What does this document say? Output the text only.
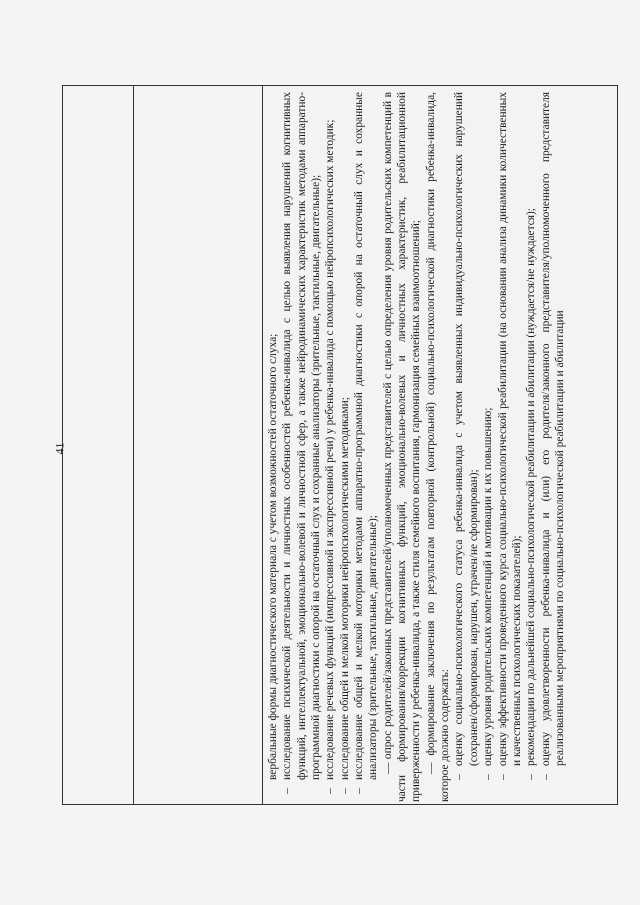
41	вербальные формы диагностического материала с учетом возможностей остаточного слуха;
–
исследование психической деятельности и личностных особенностей ребенка-инвалида с целью выявления нарушений когнитивных функций, интеллектуальной, эмоционально-волевой и личностной сфер, а также нейродинамических характеристик методами аппаратно-программной диагностики с опорой на остаточный слух и сохранные анализаторы (зрительные, тактильные, двигательные);
–
исследование речевых функций (импрессивной и экспрессивной речи) у ребенка-инвалида с помощью нейропсихологических методик;
–
исследование общей и мелкой моторики нейропсихологическими методиками;
–
исследование общей и мелкой моторики методами аппаратно-программной диагностики с опорой на остаточный слух и сохранные анализаторы (зрительные, тактильные, двигательные); — опрос родителей/законных представителей/уполномоченных представителей с целью определения уровня родительских компетенций в части формирования/коррекции когнитивных функций, эмоционально-волевых и личностных характеристик, реабилитационной приверженности у ребенка-инвалида, а также стиля семейного воспитания, гармонизация семейных взаимоотношений; — формирование заключения по результатам повторной (контрольной) социально-психологической диагностики ребенка-инвалида, которое должно содержать: –
оценку социально-психологического статуса ребенка-инвалида с учетом выявленных индивидуально-психологических нарушений (сохранен/сформирован, нарушен, утрачен/не сформирован);
–
оценку уровня родительских компетенций и мотивации к их повышению;
–
оценку эффективности проведенного курса социально-психологической реабилитации (на основании анализа динамики количественных и качественных психологических показателей);
–
рекомендации по дальнейшей социально-психологической реабилитации и абилитации (нуждается/не нуждается);
–
оценку удовлетворенности ребенка-инвалида и (или) его родителя/законного представителя/уполномоченного представителя реализованными мероприятиями по социально-психологической реабилитации и абилитации
